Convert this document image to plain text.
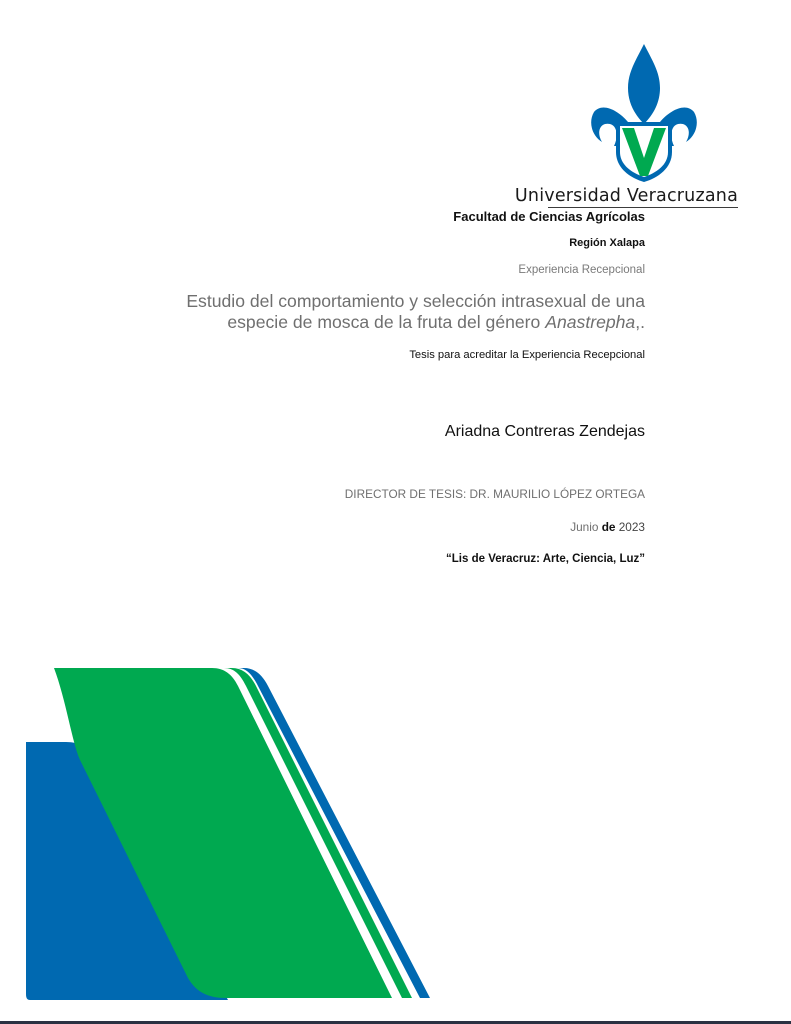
Universidad Veracruzana
Facultad de Ciencias Agrícolas
Región Xalapa
Experiencia Recepcional
Estudio del comportamiento y selección intrasexual de una
especie de mosca de la fruta del género Anastrepha,.
Tesis para acreditar la Experiencia Recepcional
Ariadna Contreras Zendejas
DIRECTOR DE TESIS: DR. MAURILIO LÓPEZ ORTEGA
Junio de 2023
“Lis de Veracruz: Arte, Ciencia, Luz”
